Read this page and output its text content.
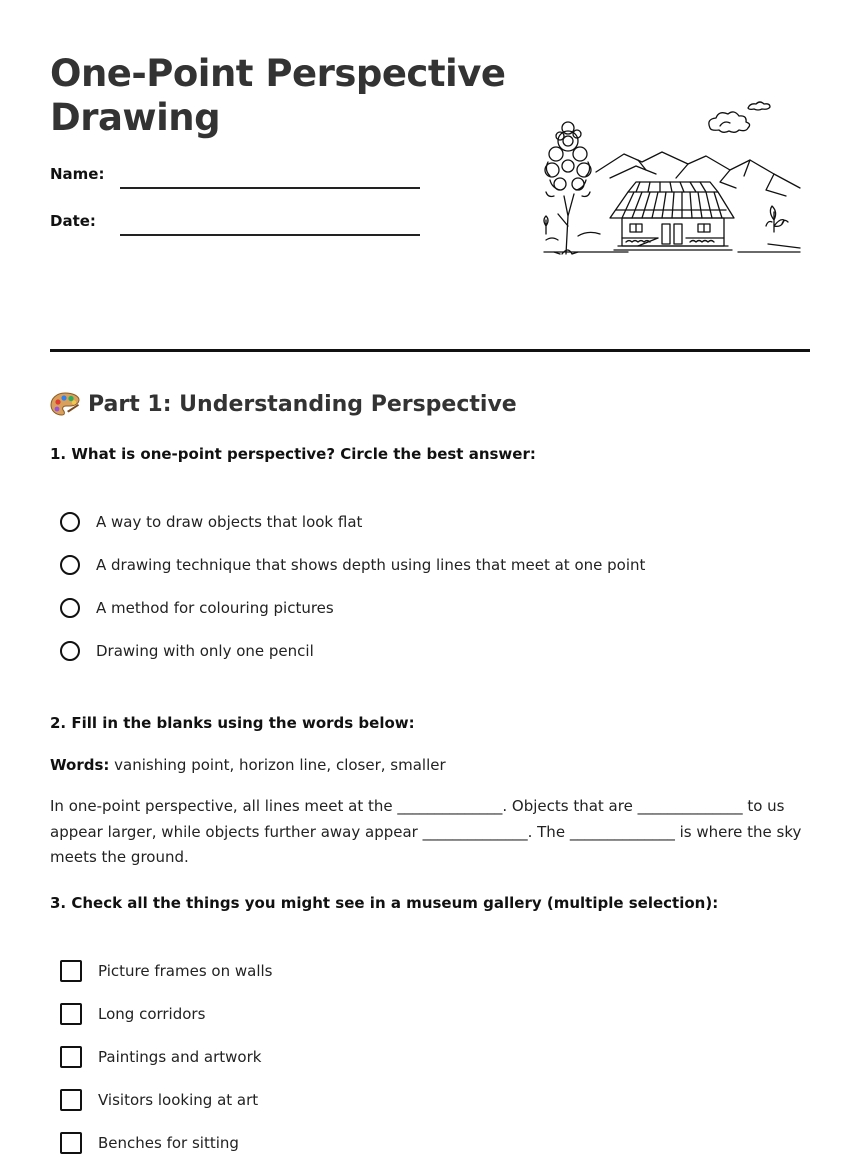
One-Point Perspective Drawing
Name:
Date:
Part 1: Understanding Perspective
1. What is one-point perspective? Circle the best answer:
A way to draw objects that look flat
A drawing technique that shows depth using lines that meet at one point
A method for colouring pictures
Drawing with only one pencil
2. Fill in the blanks using the words below:
Words: vanishing point, horizon line, closer, smaller
In one-point perspective, all lines meet at the ______________. Objects that are ______________ to us appear larger, while objects further away appear ______________. The ______________ is where the sky meets the ground.
3. Check all the things you might see in a museum gallery (multiple selection):
Picture frames on walls
Long corridors
Paintings and artwork
Visitors looking at art
Benches for sitting
